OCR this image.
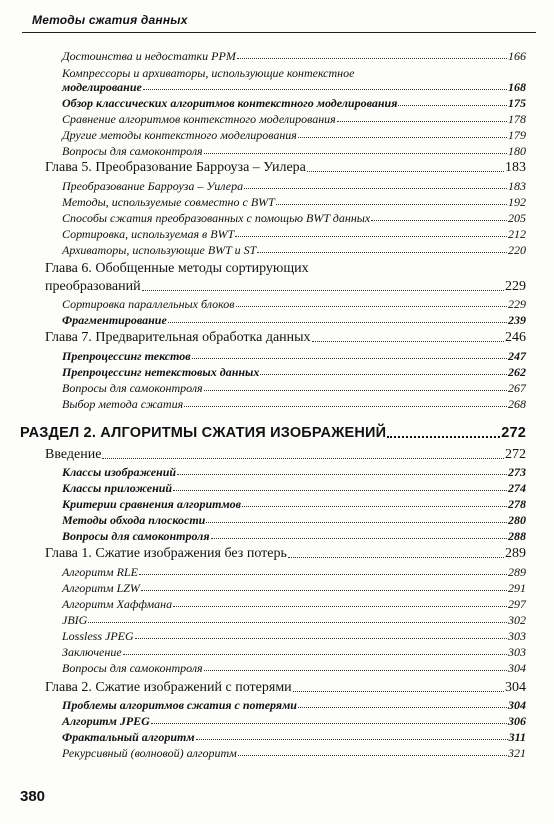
Методы сжатия данных
Достоинства и недостатки PPM	166
Компрессоры и архиваторы, использующие контекстное
моделирование	168
Обзор классических алгоритмов контекстного моделирования	175
Сравнение алгоритмов контекстного моделирования	178
Другие методы контекстного моделирования	179
Вопросы для самоконтроля	180
Глава 5. Преобразование Барроуза – Уилера	183
Преобразование Барроуза – Уилера	183
Методы, используемые совместно с BWT	192
Способы сжатия преобразованных с помощью BWT данных	205
Сортировка, используемая в BWT	212
Архиваторы, использующие BWT и ST	220
Глава 6. Обобщенные методы сортирующих
преобразований	229
Сортировка параллельных блоков	229
Фрагментирование	239
Глава 7. Предварительная обработка данных	246
Препроцессинг текстов	247
Препроцессинг нетекстовых данных	262
Вопросы для самоконтроля	267
Выбор метода сжатия	268
РАЗДЕЛ 2. АЛГОРИТМЫ СЖАТИЯ ИЗОБРАЖЕНИЙ	272
Введение	272
Классы изображений	273
Классы приложений	274
Критерии сравнения алгоритмов	278
Методы обхода плоскости	280
Вопросы для самоконтроля	288
Глава 1. Сжатие изображения без потерь	289
Алгоритм RLE	289
Алгоритм LZW	291
Алгоритм Хаффмана	297
JBIG	302
Lossless JPEG	303
Заключение	303
Вопросы для самоконтроля	304
Глава 2. Сжатие изображений с потерями	304
Проблемы алгоритмов сжатия с потерями	304
Алгоритм JPEG	306
Фрактальный алгоритм	311
Рекурсивный (волновой) алгоритм	321
380
